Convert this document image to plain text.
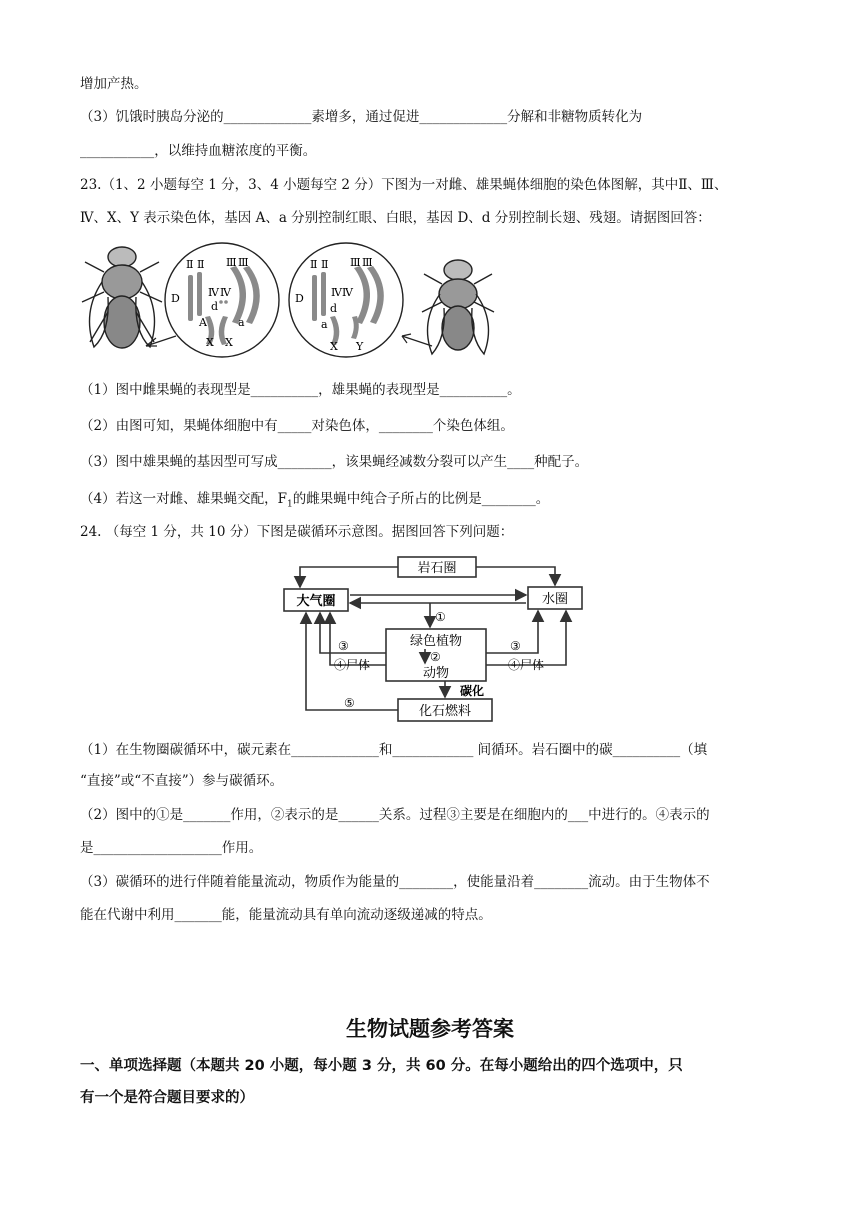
增加产热。
（3）饥饿时胰岛分泌的_____________素增多，通过促进_____________分解和非糖物质转化为
___________，以维持血糖浓度的平衡。
23.（1、2 小题每空 1 分，3、4 小题每空 2 分）下图为一对雌、雄果蝇体细胞的染色体图解，其中Ⅱ、Ⅲ、
Ⅳ、X、Y 表示染色体，基因 A、a 分别控制红眼、白眼，基因 D、d 分别控制长翅、残翅。请据图回答：
Ⅱ Ⅱ Ⅲ Ⅲ
Ⅳ Ⅳ
D
d
A	a
X X
Ⅱ Ⅱ Ⅲ Ⅲ
Ⅳ Ⅳ
D
d
a
X Y
（1）图中雌果蝇的表现型是__________，雄果蝇的表现型是__________。
（2）由图可知，果蝇体细胞中有_____对染色体，________个染色体组。
（3）图中雄果蝇的基因型可写成________，该果蝇经减数分裂可以产生____种配子。
（4）若这一对雌、雄果蝇交配，$F_1$的雌果蝇中纯合子所占的比例是________。
24. （每空 1 分，共 10 分）下图是碳循环示意图。据图回答下列问题：
岩石圈
大气圈	水圈
绿色植物
动物
化石燃料
碳化
①
②
③
④尸体
③
④尸体
⑤
（1）在生物圈碳循环中，碳元素在_____________和____________ 间循环。岩石圈中的碳__________（填
“直接”或“不直接”）参与碳循环。
（2）图中的①是_______作用，②表示的是______关系。过程③主要是在细胞内的___中进行的。④表示的
是___________________作用。
（3）碳循环的进行伴随着能量流动，物质作为能量的________，使能量沿着________流动。由于生物体不
能在代谢中利用_______能，能量流动具有单向流动逐级递减的特点。
生物试题参考答案
一、单项选择题（本题共 20 小题，每小题 3 分，共 60 分。在每小题给出的四个选项中，只
有一个是符合题目要求的）
